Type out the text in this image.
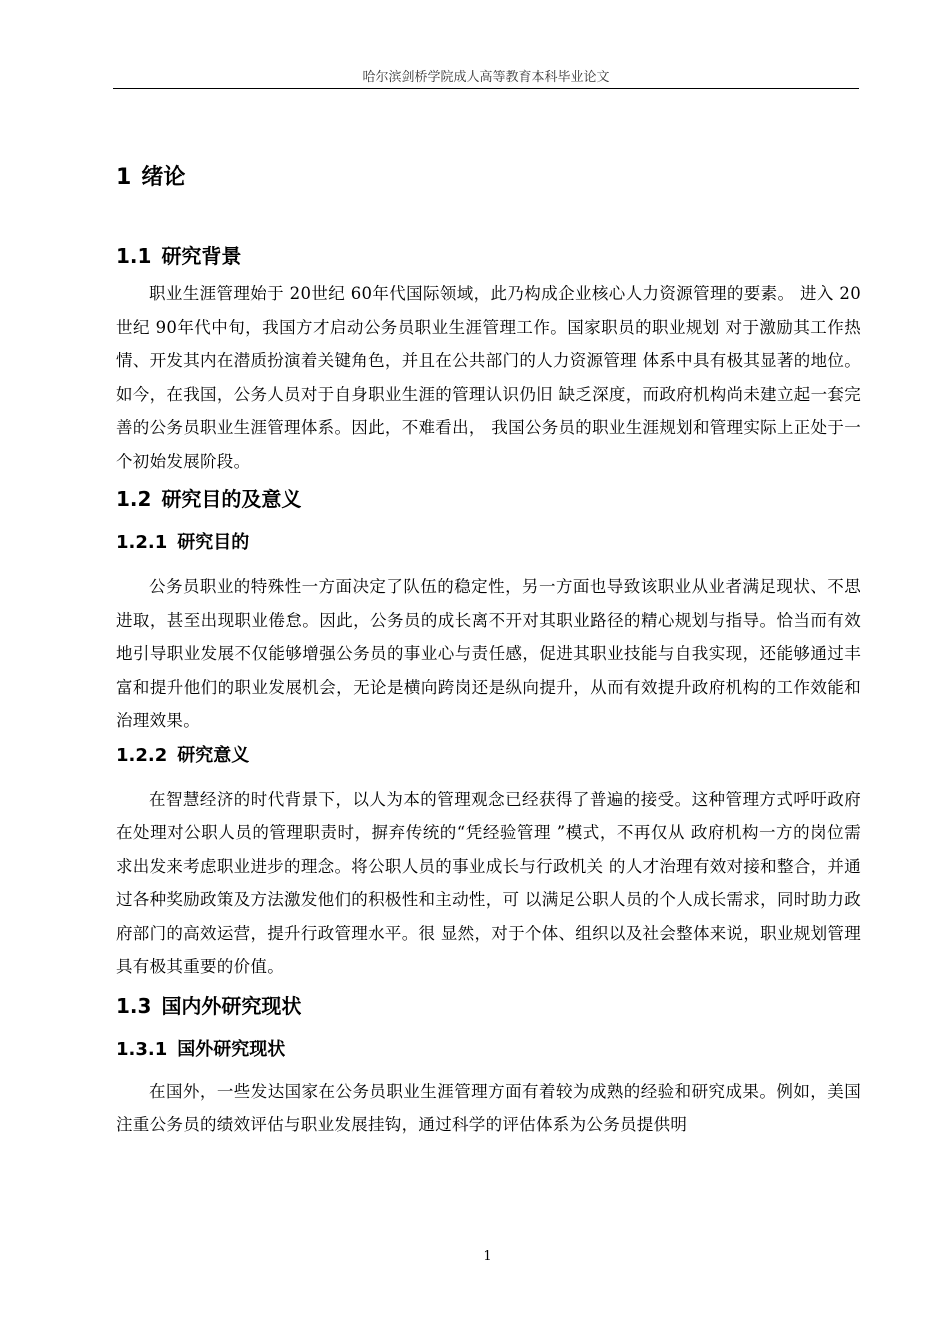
哈尔滨剑桥学院成人高等教育本科毕业论文
1 绪论
1.1 研究背景

职业生涯管理始于 20世纪 60年代国际领域，此乃构成企业核心人力资源管理的要素。 进入 20世纪 90年代中旬，我国方才启动公务员职业生涯管理工作。国家职员的职业规划 对于激励其工作热情、开发其内在潜质扮演着关键角色，并且在公共部门的人力资源管理 体系中具有极其显著的地位。如今，在我国，公务人员对于自身职业生涯的管理认识仍旧 缺乏深度，而政府机构尚未建立起一套完善的公务员职业生涯管理体系。因此，不难看出， 我国公务员的职业生涯规划和管理实际上正处于一个初始发展阶段。

1.2 研究目的及意义
1.2.1 研究目的

公务员职业的特殊性一方面决定了队伍的稳定性，另一方面也导致该职业从业者满足现状、不思进取，甚至出现职业倦怠。因此，公务员的成长离不开对其职业路径的精心规划与指导。恰当而有效地引导职业发展不仅能够增强公务员的事业心与责任感，促进其职业技能与自我实现，还能够通过丰富和提升他们的职业发展机会，无论是横向跨岗还是纵向提升，从而有效提升政府机构的工作效能和治理效果。

1.2.2 研究意义

在智慧经济的时代背景下，以人为本的管理观念已经获得了普遍的接受。这种管理方式呼吁政府在处理对公职人员的管理职责时，摒弃传统的“凭经验管理 ”模式，不再仅从 政府机构一方的岗位需求出发来考虑职业进步的理念。将公职人员的事业成长与行政机关 的人才治理有效对接和整合，并通过各种奖励政策及方法激发他们的积极性和主动性，可 以满足公职人员的个人成长需求，同时助力政府部门的高效运营，提升行政管理水平。很 显然，对于个体、组织以及社会整体来说，职业规划管理具有极其重要的价值。

1.3 国内外研究现状
1.3.1 国外研究现状

在国外，一些发达国家在公务员职业生涯管理方面有着较为成熟的经验和研究成果。例如，美国注重公务员的绩效评估与职业发展挂钩，通过科学的评估体系为公务员提供明

1
